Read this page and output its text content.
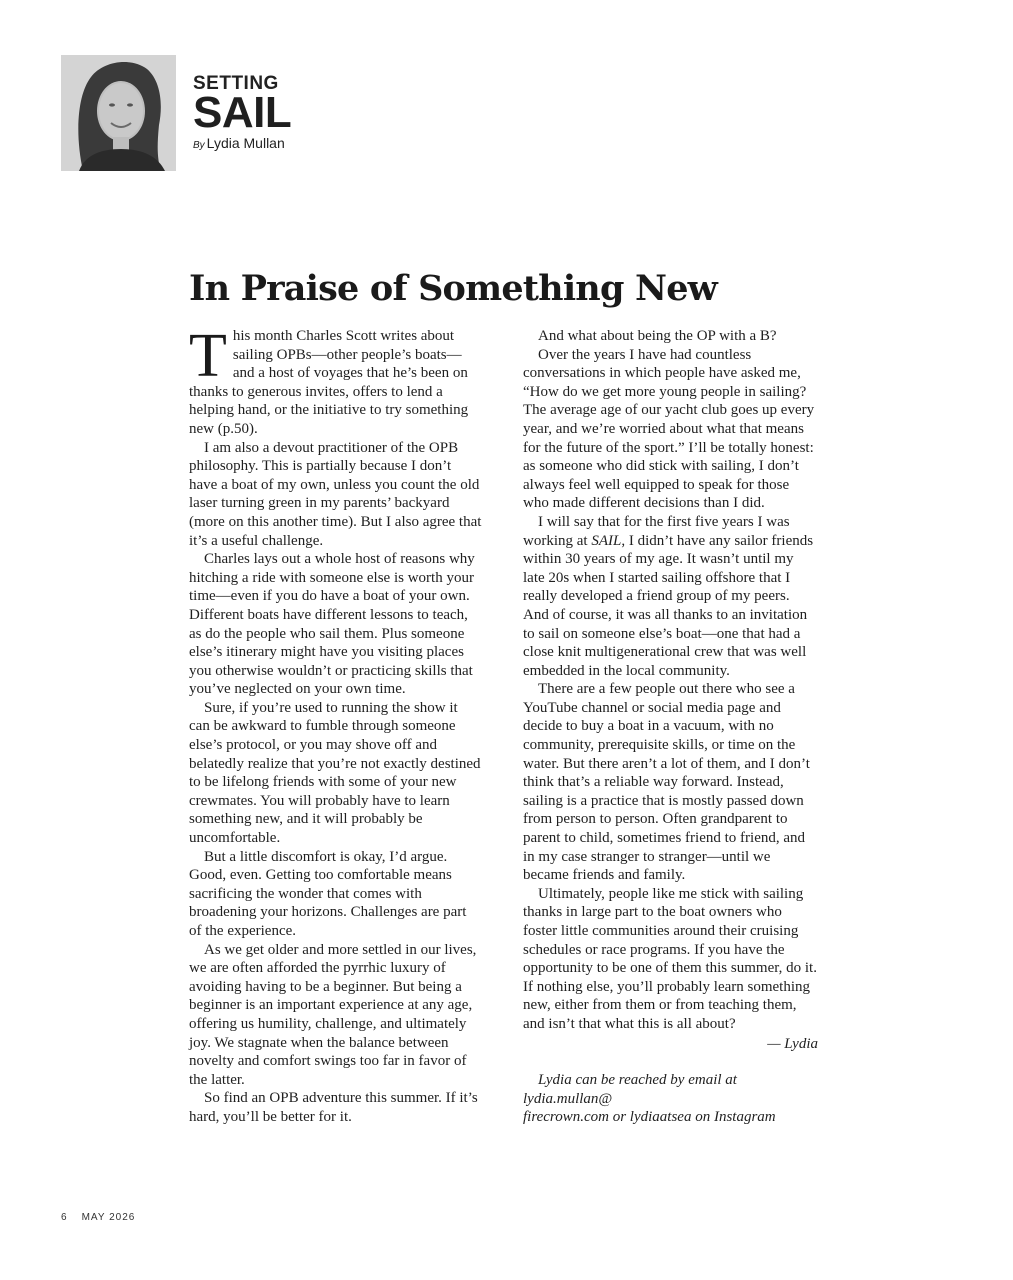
SETTING
SAIL
By Lydia Mullan
In Praise of Something New

This month Charles Scott writes about sailing OPBs—other people’s boats—and a host of voyages that he’s been on thanks to generous invites, offers to lend a helping hand, or the initiative to try something new (p.50).

I am also a devout practitioner of the OPB philosophy. This is partially because I don’t have a boat of my own, unless you count the old laser turning green in my parents’ backyard (more on this another time). But I also agree that it’s a useful challenge.

Charles lays out a whole host of reasons why hitching a ride with someone else is worth your time—even if you do have a boat of your own. Different boats have different lessons to teach, as do the people who sail them. Plus someone else’s itinerary might have you visiting places you otherwise wouldn’t or practicing skills that you’ve neglected on your own time.

Sure, if you’re used to running the show it can be awkward to fumble through someone else’s protocol, or you may shove off and belatedly realize that you’re not exactly destined to be lifelong friends with some of your new crewmates. You will probably have to learn something new, and it will probably be uncomfortable.

But a little discomfort is okay, I’d argue. Good, even. Getting too comfortable means sacrificing the wonder that comes with broadening your horizons. Challenges are part of the experience.

As we get older and more settled in our lives, we are often afforded the pyrrhic luxury of avoiding having to be a beginner. But being a beginner is an important experience at any age, offering us humility, challenge, and ultimately joy. We stagnate when the balance between novelty and comfort swings too far in favor of the latter.

So find an OPB adventure this summer. If it’s hard, you’ll be better for it.

And what about being the OP with a B?

Over the years I have had countless conversations in which people have asked me, “How do we get more young people in sailing? The average age of our yacht club goes up every year, and we’re worried about what that means for the future of the sport.” I’ll be totally honest: as someone who did stick with sailing, I don’t always feel well equipped to speak for those who made different decisions than I did.

I will say that for the first five years I was working at SAIL, I didn’t have any sailor friends within 30 years of my age. It wasn’t until my late 20s when I started sailing offshore that I really developed a friend group of my peers. And of course, it was all thanks to an invitation to sail on someone else’s boat—one that had a close knit multigenerational crew that was well embedded in the local community.

There are a few people out there who see a YouTube channel or social media page and decide to buy a boat in a vacuum, with no community, prerequisite skills, or time on the water. But there aren’t a lot of them, and I don’t think that’s a reliable way forward. Instead, sailing is a practice that is mostly passed down from person to person. Often grandparent to parent to child, sometimes friend to friend, and in my case stranger to stranger—until we became friends and family.

Ultimately, people like me stick with sailing thanks in large part to the boat owners who foster little communities around their cruising schedules or race programs. If you have the opportunity to be one of them this summer, do it. If nothing else, you’ll probably learn something new, either from them or from teaching them, and isn’t that what this is all about?

— Lydia
Lydia can be reached by email at lydia.mullan@
firecrown.com or lydiaatsea on Instagram
6 MAY 2026
